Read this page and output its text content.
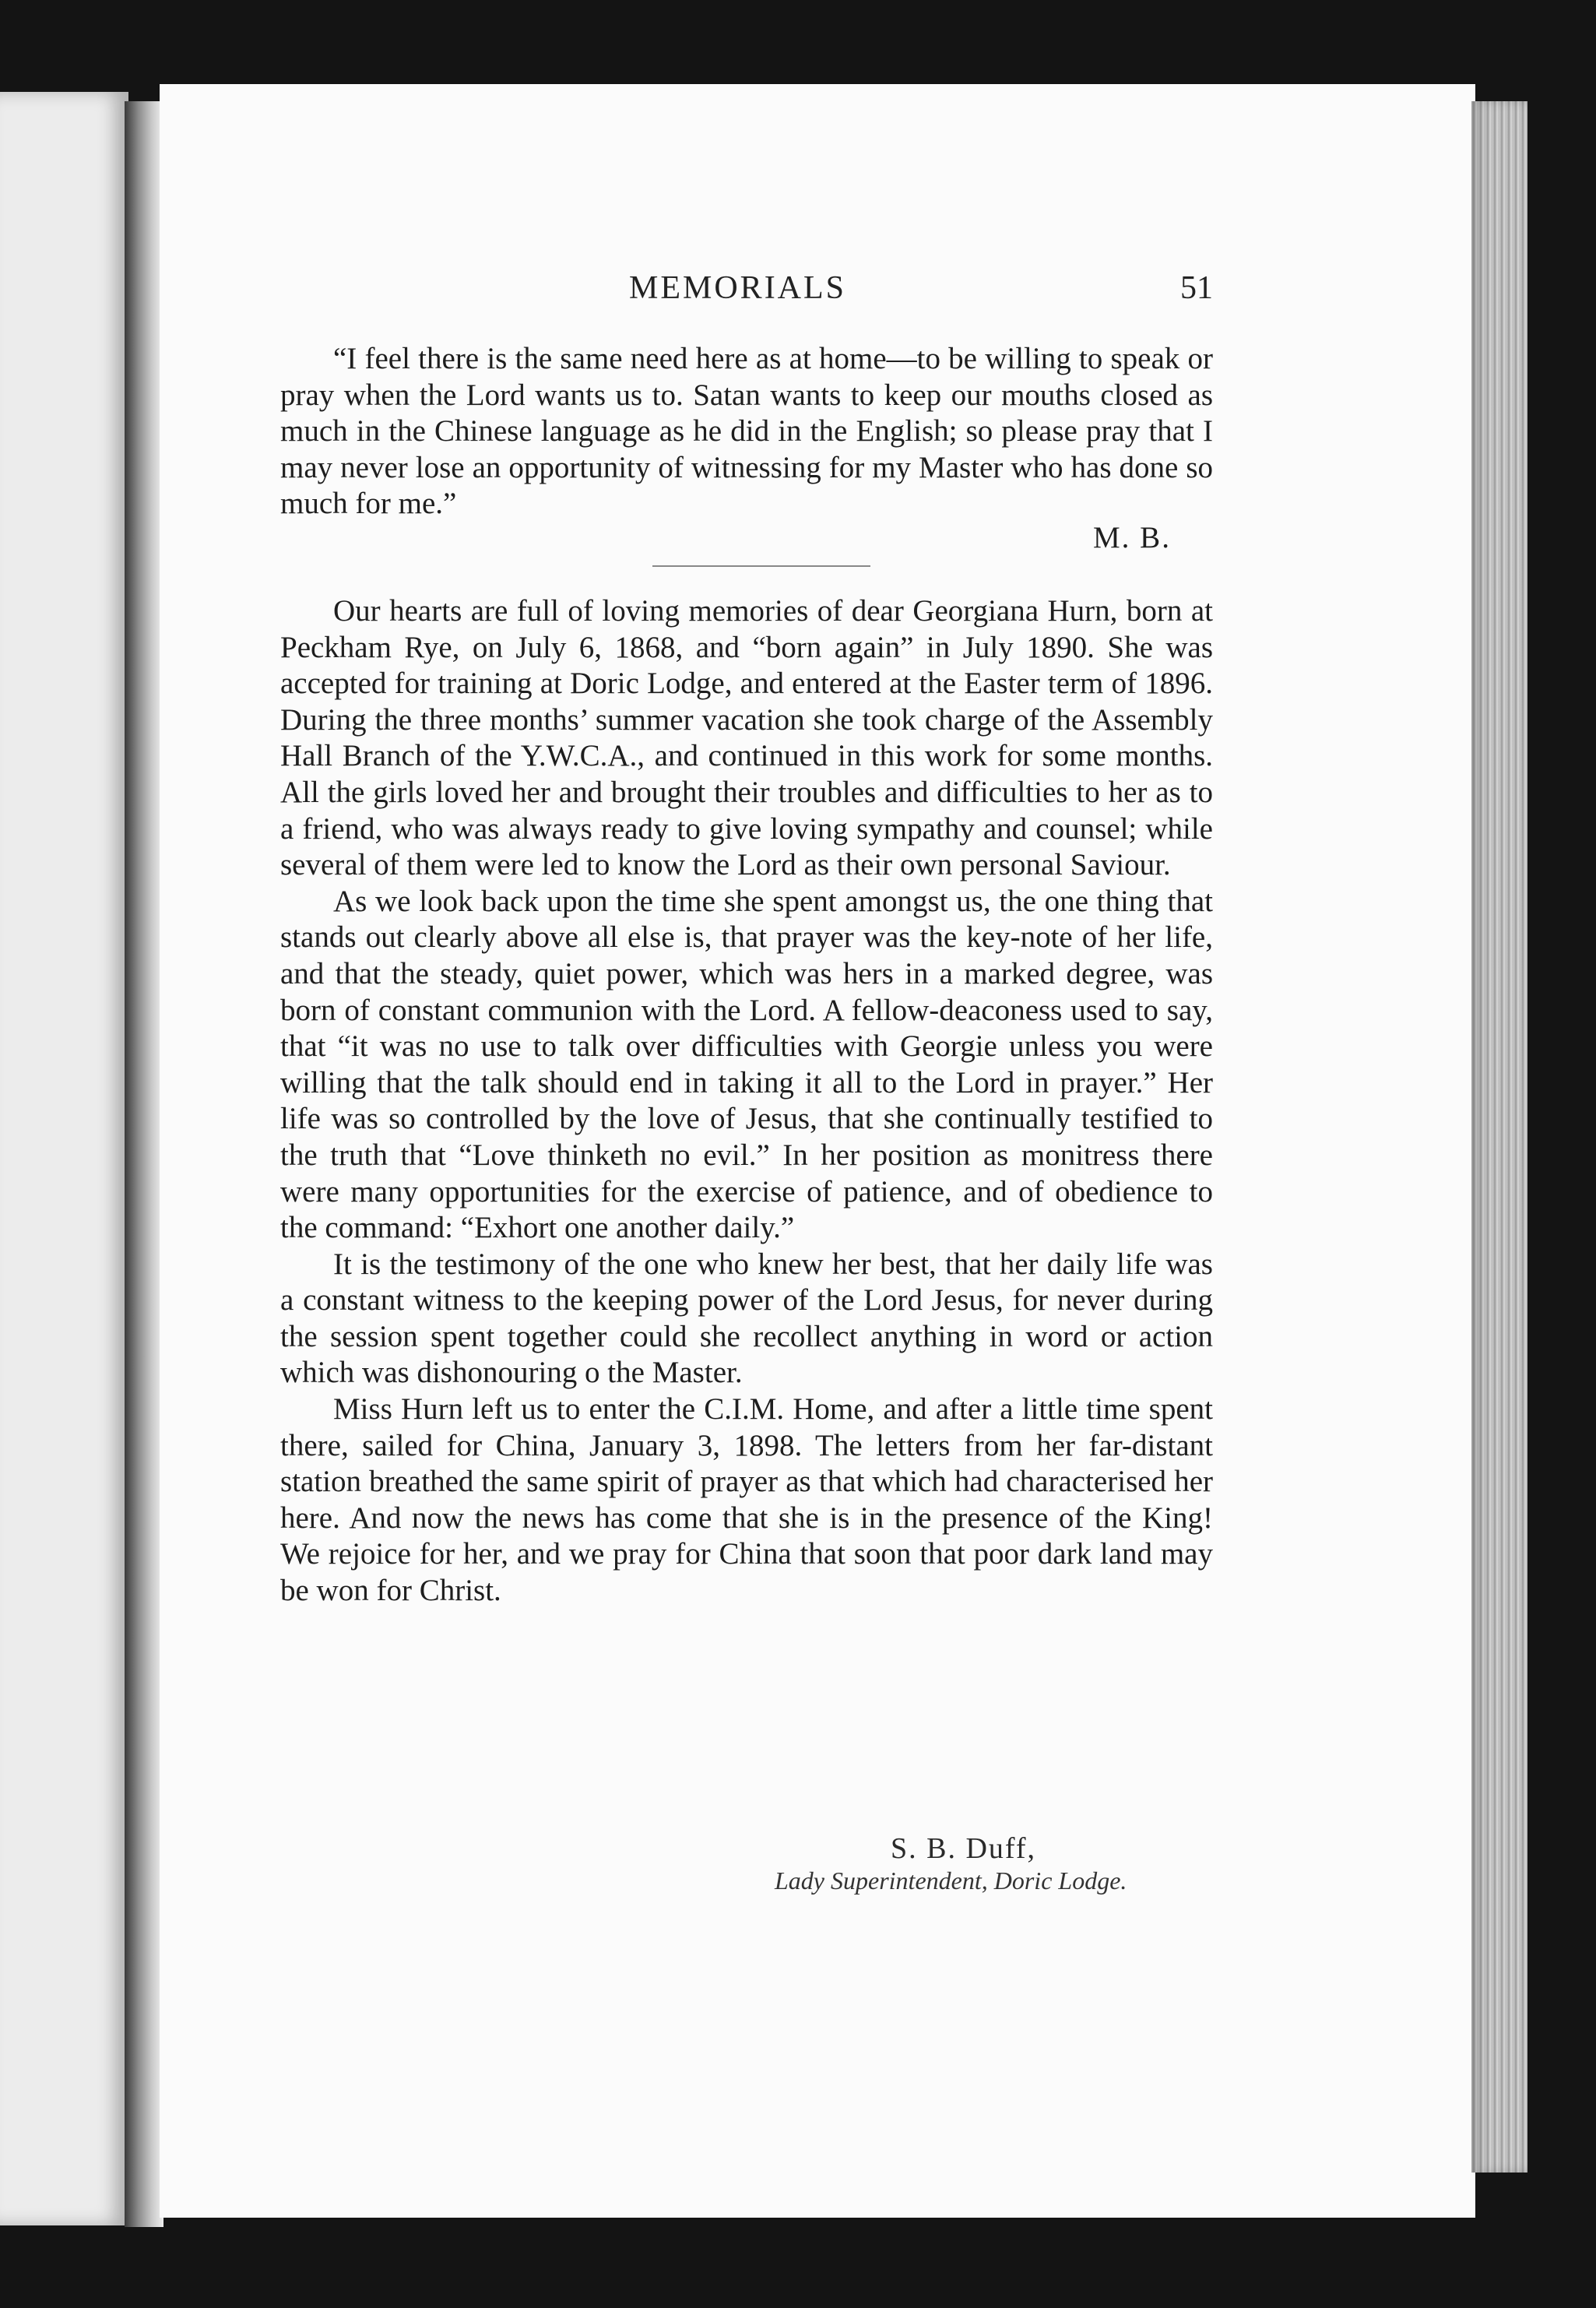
MEMORIALS	51

“I feel there is the same need here as at home—to be willing to speak or pray when the Lord wants us to. Satan wants to keep our mouths closed as much in the Chinese language as he did in the English; so please pray that I may never lose an opportunity of witnessing for my Master who has done so much for me.”

M. B.

Our hearts are full of loving memories of dear Georgiana Hurn, born at Peckham Rye, on July 6, 1868, and “born again” in July 1890. She was accepted for training at Doric Lodge, and entered at the Easter term of 1896. During the three months’ summer vacation she took charge of the Assembly Hall Branch of the Y.W.C.A., and continued in this work for some months. All the girls loved her and brought their troubles and difficulties to her as to a friend, who was always ready to give loving sympathy and counsel; while several of them were led to know the Lord as their own personal Saviour.

As we look back upon the time she spent amongst us, the one thing that stands out clearly above all else is, that prayer was the key-note of her life, and that the steady, quiet power, which was hers in a marked degree, was born of constant communion with the Lord. A fellow-deaconess used to say, that “it was no use to talk over difficulties with Georgie unless you were willing that the talk should end in taking it all to the Lord in prayer.” Her life was so controlled by the love of Jesus, that she continually testified to the truth that “Love thinketh no evil.” In her position as monitress there were many opportunities for the exercise of patience, and of obedience to the command: “Exhort one another daily.”

It is the testimony of the one who knew her best, that her daily life was a constant witness to the keeping power of the Lord Jesus, for never during the session spent together could she recollect anything in word or action which was dishonouring o the Master.

Miss Hurn left us to enter the C.I.M. Home, and after a little time spent there, sailed for China, January 3, 1898. The letters from her far-distant station breathed the same spirit of prayer as that which had characterised her here. And now the news has come that she is in the presence of the King! We rejoice for her, and we pray for China that soon that poor dark land may be won for Christ.

S. B. Duff,
Lady Superintendent, Doric Lodge.
